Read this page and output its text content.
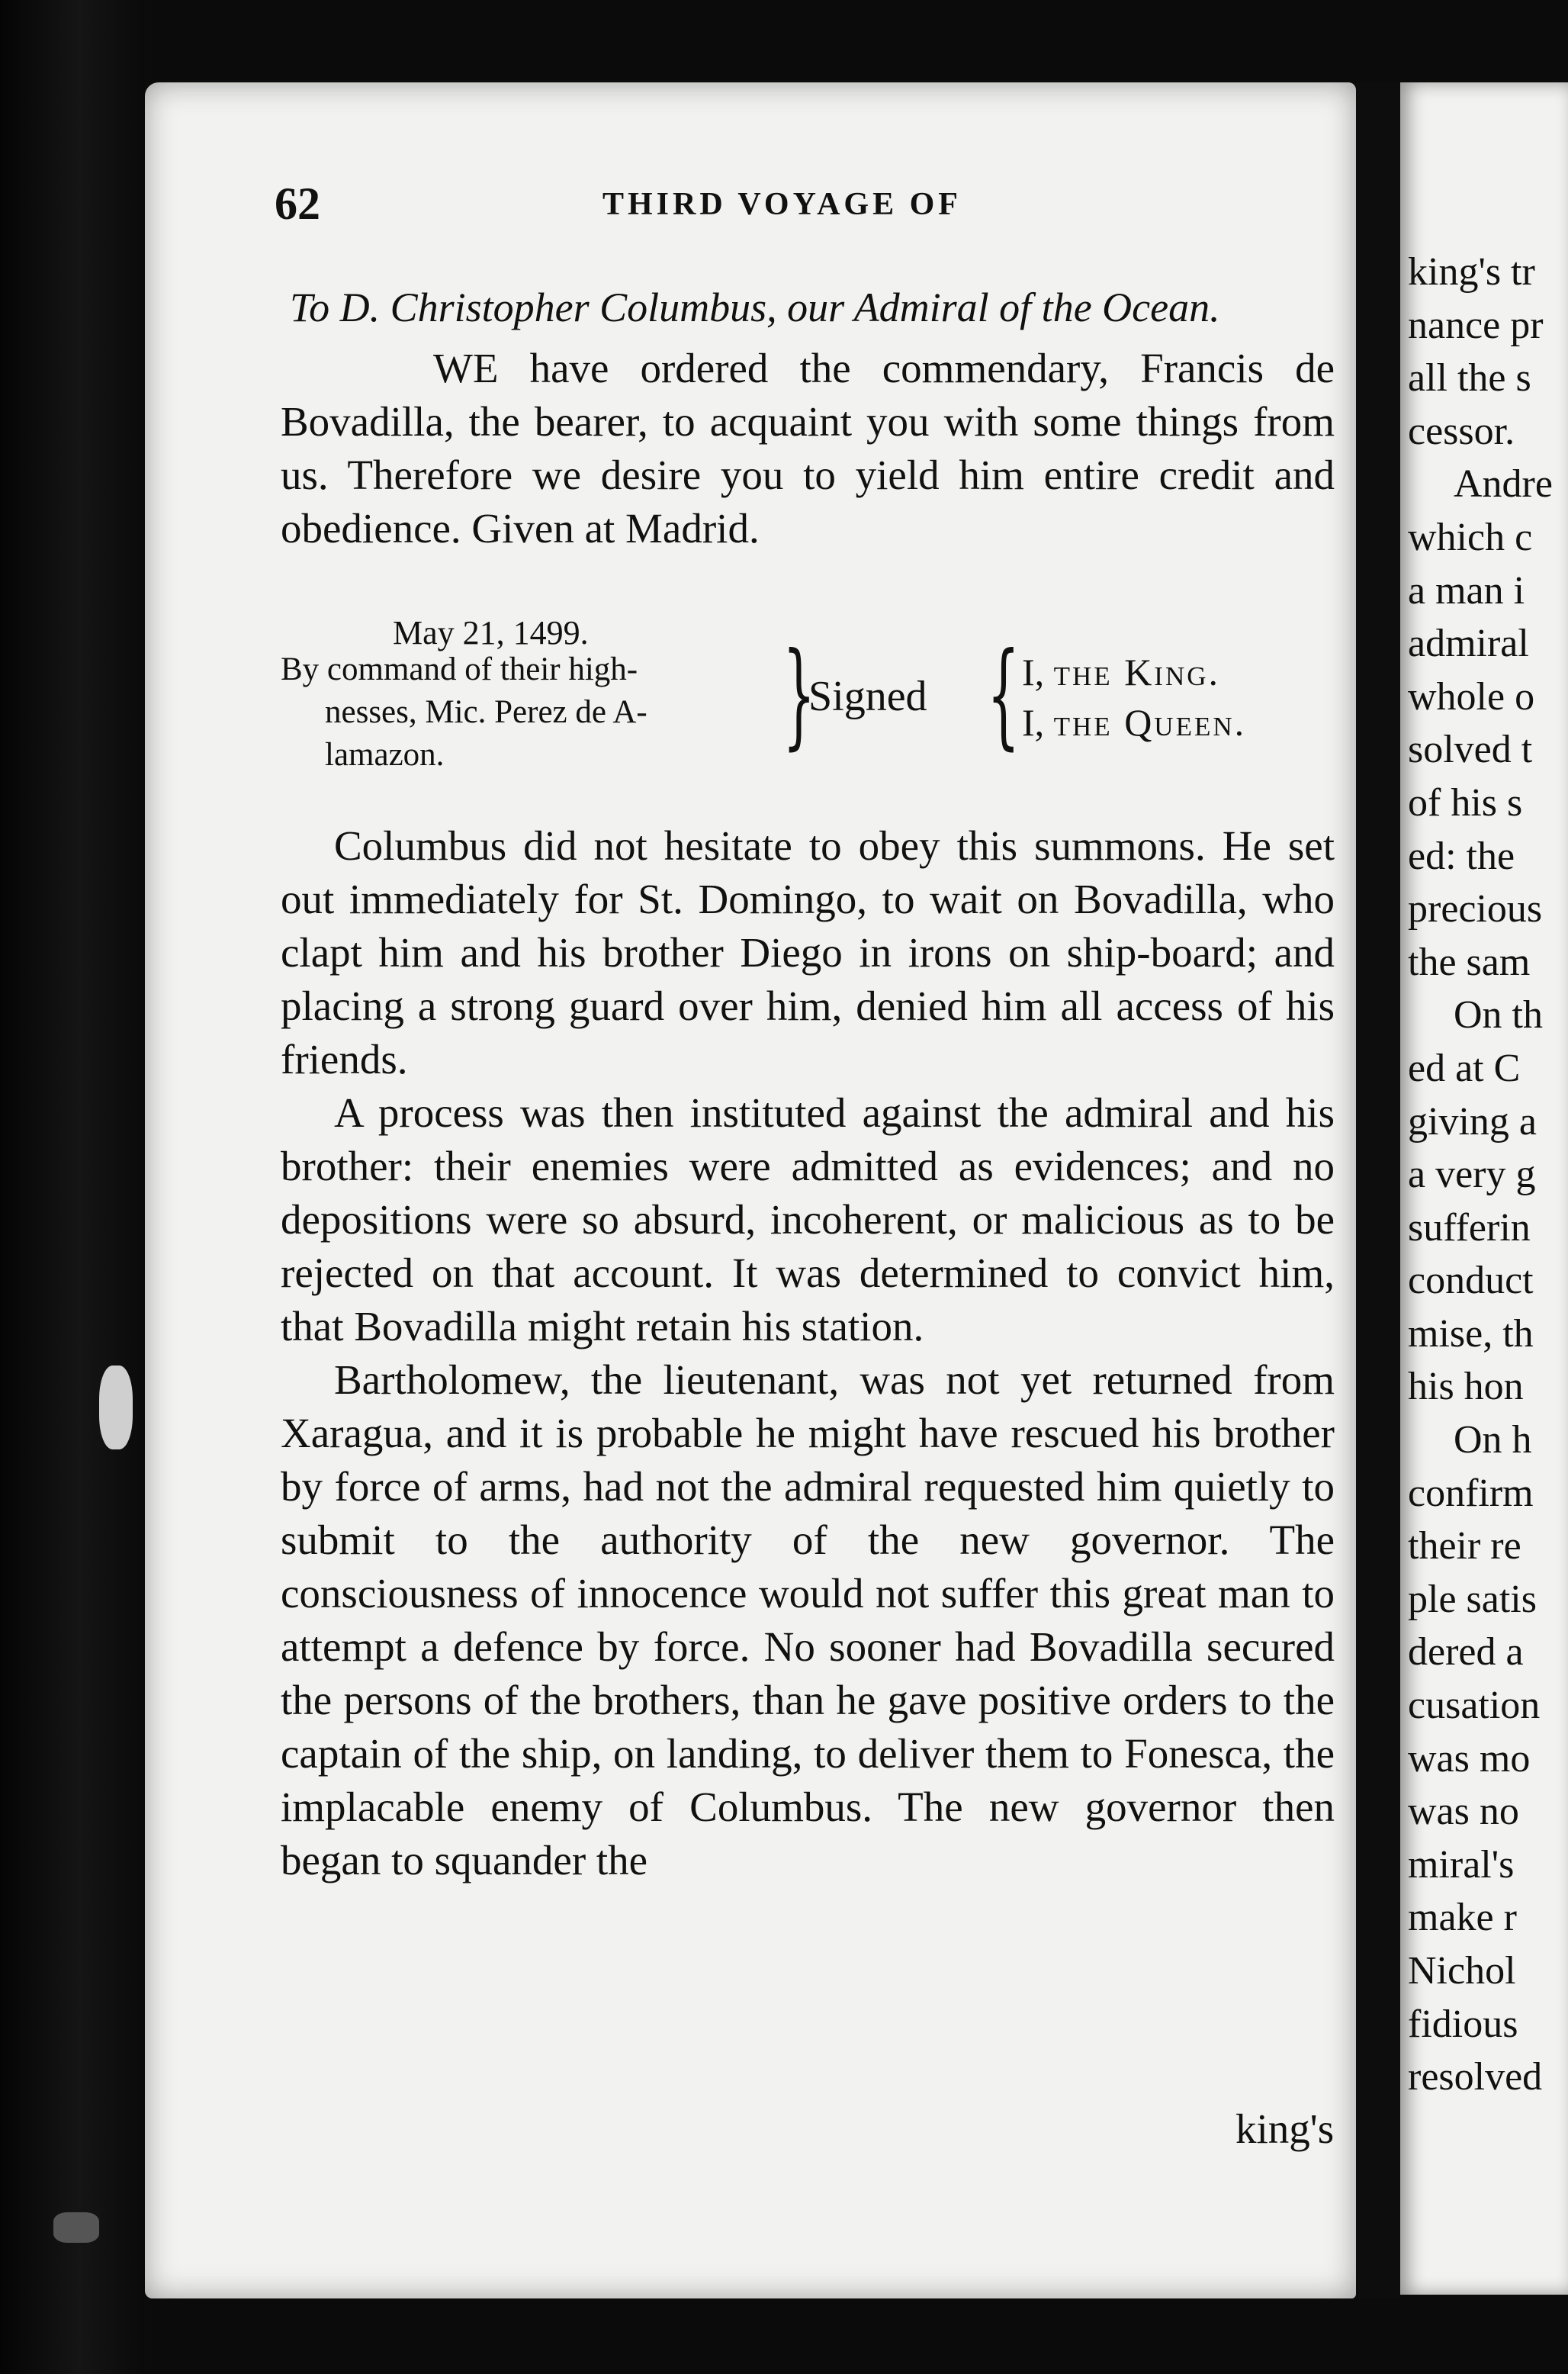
62	THIRD VOYAGE OF
To D. Christopher Columbus, our Admiral of the Ocean.

WE have ordered the commendary, Francis de Bovadilla, the bearer, to acquaint you with some things from us. Therefore we desire you to yield him entire credit and obedience. Given at Madrid.

May 21, 1499.
By command of their high-
nesses, Mic. Perez de A-
lamazon.	}
Signed { I, the King.
I, the Queen.

Columbus did not hesitate to obey this summons. He set out immediately for St. Domingo, to wait on Bovadilla, who clapt him and his brother Diego in irons on ship-board; and placing a strong guard over him, denied him all access of his friends.

A process was then instituted against the admiral and his brother: their enemies were admitted as evidences; and no depositions were so absurd, incoherent, or malicious as to be rejected on that account. It was determined to convict him, that Bovadilla might retain his station.

Bartholomew, the lieutenant, was not yet returned from Xaragua, and it is probable he might have rescued his brother by force of arms, had not the admiral requested him quietly to submit to the authority of the new governor. The consciousness of innocence would not suffer this great man to attempt a defence by force. No sooner had Bovadilla secured the persons of the brothers, than he gave positive orders to the captain of the ship, on landing, to deliver them to Fonesca, the implacable enemy of Columbus. The new governor then began to squander the

king's
king's tr
nance pr
all the s
cessor.
Andre
which c
a man i
admiral
whole o
solved t
of his s
ed: the
precious
the sam
On th
ed at C
giving a
a very g
sufferin
conduct
mise, th
his hon
On h
confirm
their re
ple satis
dered a
cusation
was mo
was no
miral's
make r
Nichol
fidious
resolved
